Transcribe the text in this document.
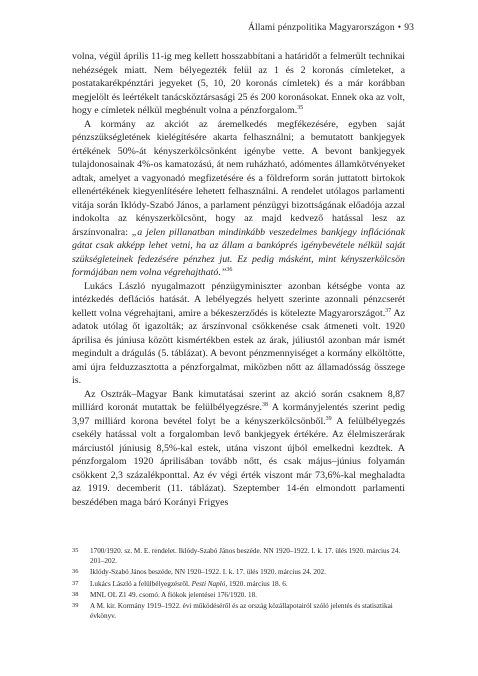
Állami pénzpolitika Magyarországon • 93

volna, végül április 11-ig meg kellett hosszabbítani a határidőt a felmerült technikai nehézségek miatt. Nem bélyegezték felül az 1 és 2 koronás címleteket, a postatakarékpénztári jegyeket (5, 10, 20 koronás címletek) és a már korábban megjelölt és leértékelt tanácsköztársasági 25 és 200 koronásokat. Ennek oka az volt, hogy e címletek nélkül megbénult volna a pénzforgalom.$^{35}$

A kormány az akciót az áremelkedés megfékezésére, egyben saját pénzszükségletének kielégítésére akarta felhasználni; a bemutatott bankjegyek értékének 50%-át kényszerkölcsönként igénybe vette. A bevont bankjegyek tulajdonosainak 4%-os kamatozású, át nem ruházható, adómentes államkötvényeket adtak, amelyet a vagyonadó megfizetésére és a földreform során juttatott birtokok ellenértékének kiegyenlítésére lehetett felhasználni. A rendelet utólagos parlamenti vitája során Iklódy-Szabó János, a parlament pénzügyi bizottságának előadója azzal indokolta az kényszerkölcsönt, hogy az majd kedvező hatással lesz az árszínvonalra: „a jelen pillanatban mindinkább veszedelmes bankjegy inflációnak gátat csak akképp lehet vetni, ha az állam a bankóprés igénybevétele nélkül saját szükségleteinek fedezésére pénzhez jut. Ez pedig másként, mint kényszerkölcsön formájában nem volna végrehajtható.”$^{36}$

Lukács László nyugalmazott pénzügyminiszter azonban kétségbe vonta az intézkedés deflációs hatását. A lebélyegzés helyett szerinte azonnali pénzcserét kellett volna végrehajtani, amire a békeszerződés is kötelezte Magyarországot.$^{37}$ Az adatok utólag őt igazolták; az árszínvonal csökkenése csak átmeneti volt. 1920 áprilisa és júniusa között kismértékben estek az árak, júliustól azonban már ismét megindult a drágulás (5. táblázat). A bevont pénzmennyiséget a kormány elköltötte, ami újra felduzzasztotta a pénzforgalmat, miközben nőtt az államadósság összege is.

Az Osztrák–Magyar Bank kimutatásai szerint az akció során csaknem 8,87 milliárd koronát mutattak be felülbélyegzésre.$^{38}$ A kormányjelentés szerint pedig 3,97 milliárd korona bevétel folyt be a kényszerkölcsönből.$^{39}$ A felülbélyegzés csekély hatással volt a forgalomban levő bankjegyek értékére. Az élelmiszerárak márciustól júniusig 8,5%-kal estek, utána viszont újból emelkedni kezdtek. A pénzforgalom 1920 áprilisában tovább nőtt, és csak május–június folyamán csökkent 2,3 százalékponttal. Az év végi érték viszont már 73,6%-kal meghaladta az 1919. decemberit (11. táblázat). Szeptember 14-én elmondott parlamenti beszédében maga báró Korányi Frigyes

35	1700/1920. sz. M. E. rendelet. Iklódy-Szabó János beszéde. NN 1920–1922. I. k. 17. ülés 1920. március 24. 201–202.
36	Iklódy-Szabó János beszéde, NN 1920–1922. I. k. 17. ülés 1920. március 24. 202.
37	Lukács László a felülbélyegzésről. Pesti Napló, 1920. március 18. 6.
38	MNL OL Z1 49. csomó. A fiókok jelentései 176/1920. 18.
39	A M. kir. Kormány 1919–1922. évi működéséről és az ország közállapotairól szóló jelentés és statisztikai évkönyv.
